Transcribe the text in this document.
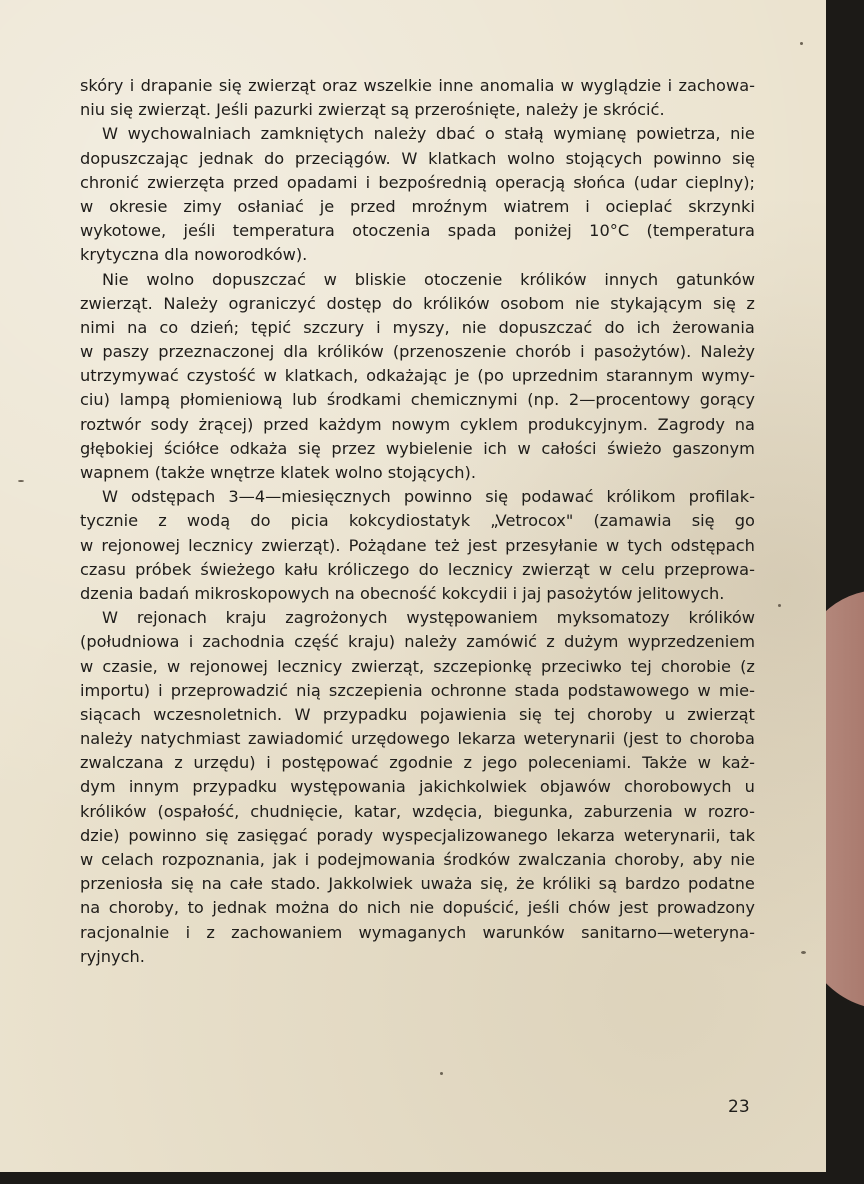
skóry i drapanie się zwierząt oraz wszelkie inne anomalia w wyglądzie i zachowa-
niu się zwierząt. Jeśli pazurki zwierząt są przerośnięte, należy je skrócić.
W wychowalniach zamkniętych należy dbać o stałą wymianę powietrza, nie
dopuszczając jednak do przeciągów. W klatkach wolno stojących powinno się
chronić zwierzęta przed opadami i bezpośrednią operacją słońca (udar cieplny);
w okresie zimy osłaniać je przed mroźnym wiatrem i ocieplać skrzynki
wykotowe, jeśli temperatura otoczenia spada poniżej 10°C (temperatura
krytyczna dla noworodków).
Nie wolno dopuszczać w bliskie otoczenie królików innych gatunków
zwierząt. Należy ograniczyć dostęp do królików osobom nie stykającym się z
nimi na co dzień; tępić szczury i myszy, nie dopuszczać do ich żerowania
w paszy przeznaczonej dla królików (przenoszenie chorób i pasożytów). Należy
utrzymywać czystość w klatkach, odkażając je (po uprzednim starannym wymy-
ciu) lampą płomieniową lub środkami chemicznymi (np. 2—procentowy gorący
roztwór sody żrącej) przed każdym nowym cyklem produkcyjnym. Zagrody na
głębokiej ściółce odkaża się przez wybielenie ich w całości świeżo gaszonym
wapnem (także wnętrze klatek wolno stojących).
W odstępach 3—4—miesięcznych powinno się podawać królikom profilak-
tycznie z wodą do picia kokcydiostatyk „Vetrocox" (zamawia się go
w rejonowej lecznicy zwierząt). Pożądane też jest przesyłanie w tych odstępach
czasu próbek świeżego kału króliczego do lecznicy zwierząt w celu przeprowa-
dzenia badań mikroskopowych na obecność kokcydii i jaj pasożytów jelitowych.
W rejonach kraju zagrożonych występowaniem myksomatozy królików
(południowa i zachodnia część kraju) należy zamówić z dużym wyprzedzeniem
w czasie, w rejonowej lecznicy zwierząt, szczepionkę przeciwko tej chorobie (z
importu) i przeprowadzić nią szczepienia ochronne stada podstawowego w mie-
siącach wczesnoletnich. W przypadku pojawienia się tej choroby u zwierząt
należy natychmiast zawiadomić urzędowego lekarza weterynarii (jest to choroba
zwalczana z urzędu) i postępować zgodnie z jego poleceniami. Także w każ-
dym innym przypadku występowania jakichkolwiek objawów chorobowych u
królików (ospałość, chudnięcie, katar, wzdęcia, biegunka, zaburzenia w rozro-
dzie) powinno się zasięgać porady wyspecjalizowanego lekarza weterynarii, tak
w celach rozpoznania, jak i podejmowania środków zwalczania choroby, aby nie
przeniosła się na całe stado. Jakkolwiek uważa się, że króliki są bardzo podatne
na choroby, to jednak można do nich nie dopuścić, jeśli chów jest prowadzony
racjonalnie i z zachowaniem wymaganych warunków sanitarno—weteryna-
ryjnych.
23
